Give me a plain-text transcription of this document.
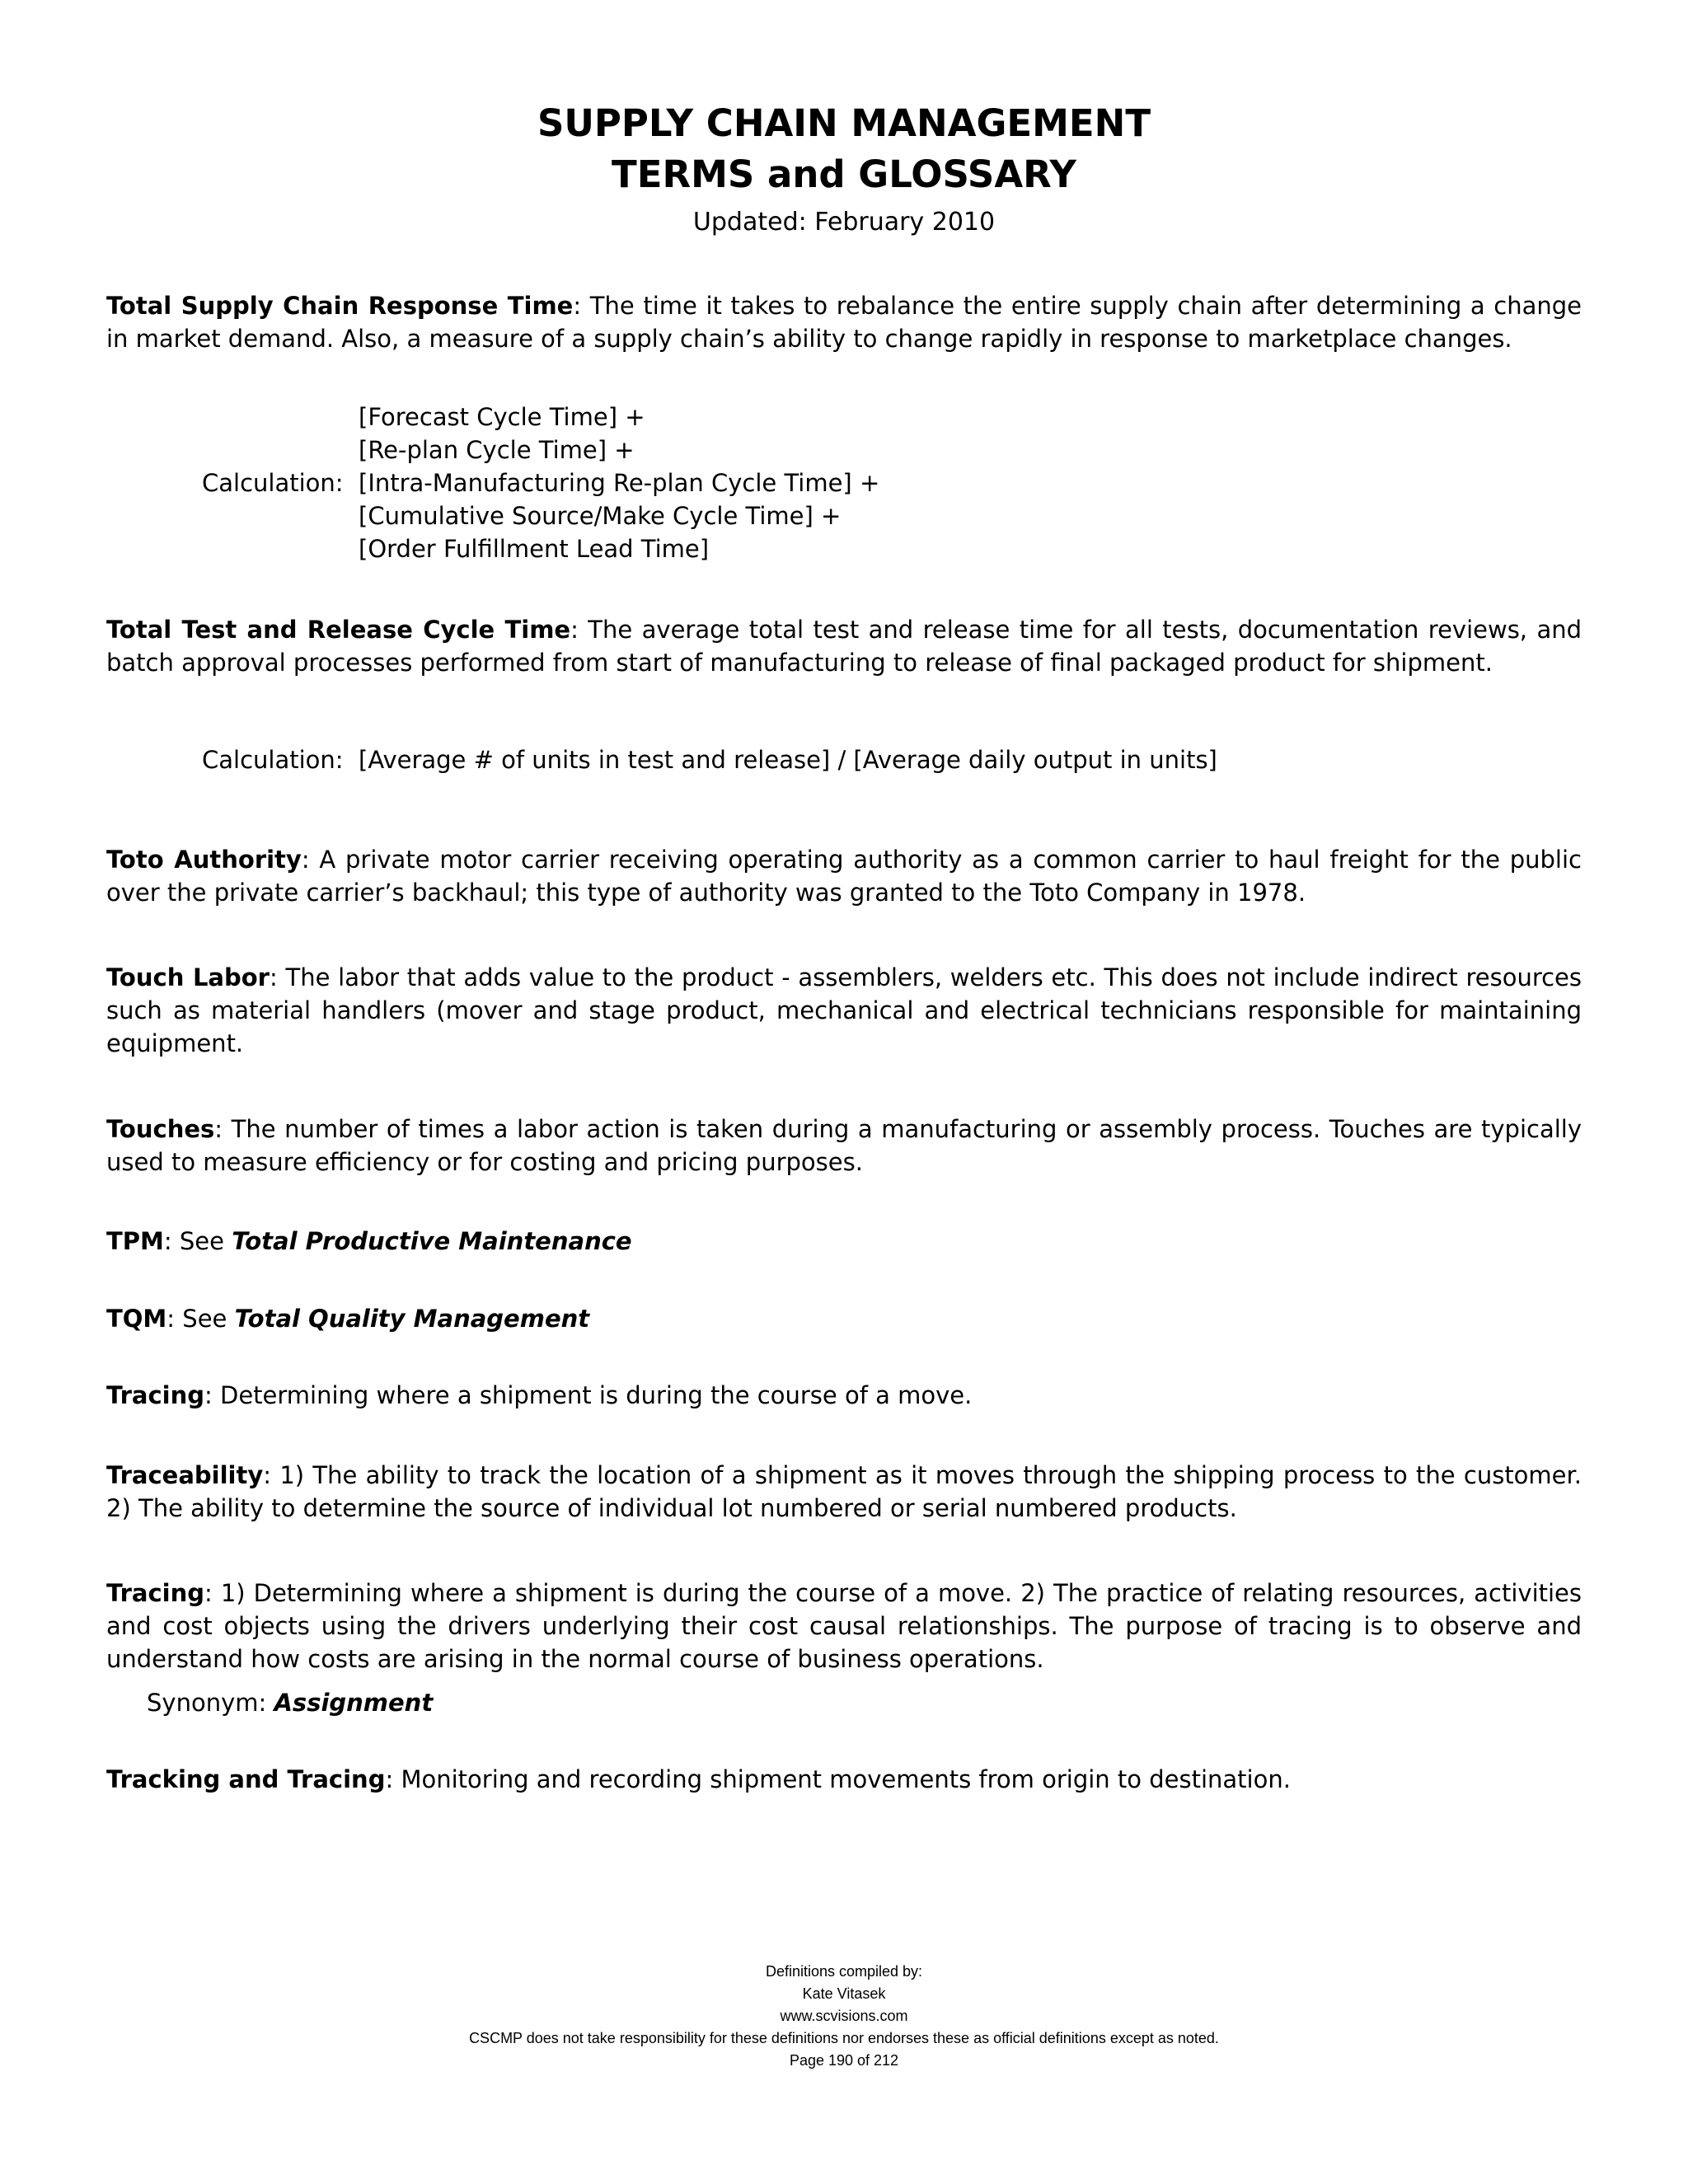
SUPPLY CHAIN MANAGEMENT
TERMS and GLOSSARY
Updated: February 2010
Total Supply Chain Response Time: The time it takes to rebalance the entire supply chain after determining a change in market demand. Also, a measure of a supply chain’s ability to change rapidly in response to marketplace changes.
Calculation:
[Forecast Cycle Time] +
[Re-plan Cycle Time] +
[Intra-Manufacturing Re-plan Cycle Time] +
[Cumulative Source/Make Cycle Time] +
[Order Fulfillment Lead Time]
Total Test and Release Cycle Time: The average total test and release time for all tests, documentation reviews, and batch approval processes performed from start of manufacturing to release of final packaged product for shipment.
Calculation: [Average # of units in test and release] / [Average daily output in units]
Toto Authority: A private motor carrier receiving operating authority as a common carrier to haul freight for the public over the private carrier’s backhaul; this type of authority was granted to the Toto Company in 1978.
Touch Labor: The labor that adds value to the product - assemblers, welders etc. This does not include indirect resources such as material handlers (mover and stage product, mechanical and electrical technicians responsible for maintaining equipment.
Touches: The number of times a labor action is taken during a manufacturing or assembly process. Touches are typically used to measure efficiency or for costing and pricing purposes.
TPM: See Total Productive Maintenance
TQM: See Total Quality Management
Tracing: Determining where a shipment is during the course of a move.
Traceability: 1) The ability to track the location of a shipment as it moves through the shipping process to the customer. 2) The ability to determine the source of individual lot numbered or serial numbered products.
Tracing: 1) Determining where a shipment is during the course of a move. 2) The practice of relating resources, activities and cost objects using the drivers underlying their cost causal relationships. The purpose of tracing is to observe and understand how costs are arising in the normal course of business operations.
Synonym: Assignment
Tracking and Tracing: Monitoring and recording shipment movements from origin to destination.
Definitions compiled by:
Kate Vitasek
www.scvisions.com
CSCMP does not take responsibility for these definitions nor endorses these as official definitions except as noted.
Page 190 of 212
